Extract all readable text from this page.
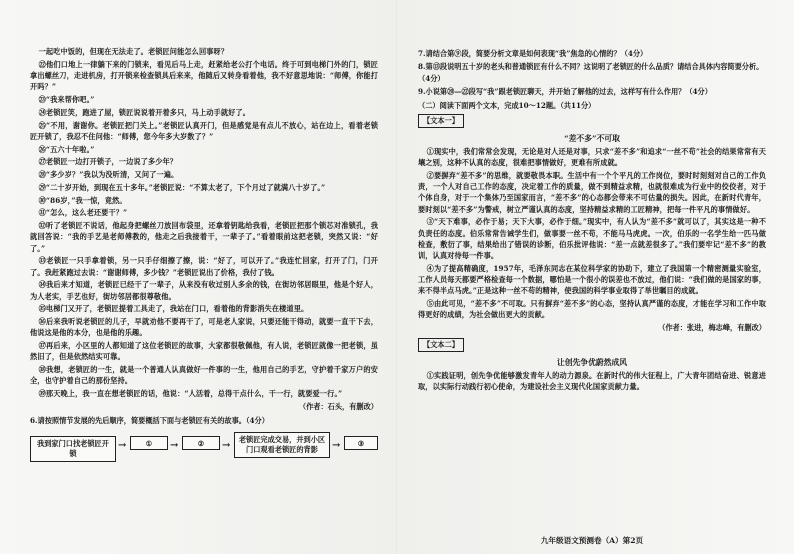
一起吃中饭的，但现在无法走了。老锁匠问能怎么回事呀？
㉒他们口地上一律躺下来的门锁来，看见后马上走，赶紧给老公打个电话。终于可到电梯门外的门，锁匠拿出螺丝刀，走进机房，打开锁来检查锁具后来来，他随后又转身看着他，我不好意思地说：“师傅，你能打开吗？”
㉓“我来帮你吧。”
㉔老锁匠笑，跑进了屋，锁匠说说着开着多只，马上动手就好了。
㉕“不用，谢谢你。老锁匠把门关上。”老锁匠认真开门，但是感觉是有点儿不放心，站在边上，看着老锁匠开锁了，我忍不住问他：“师傅，您今年多大岁数了？”
㉖“五六十年啦。”
㉗老锁匠一边打开锁子，一边说了多少年？
㉘“多少岁？”我以为没听清，又问了一遍。
㉙“二十岁开始，到现在五十多年。”老锁匠说：“不算太老了，下个月过了就满八十岁了。”
㉚“86岁，”我一惊，竟然。
㉛“怎么，这么老还要干？”
㉜听了老锁匠不说话，他起身把螺丝刀放回布袋里，还拿着钥匙给我看，老锁匠把那个锁芯对准锁孔，我就回答说：“我的手艺是老师傅教的，他走之后我接着干，一辈子了。”看着眼前这把老锁，突然又说：“好了。”
㉝老锁匠一只手拿着锁，另一只手仔细擦了擦，说：“好了，可以开了。”我连忙回家，打开了门，门开了。我赶紧跑过去说：“谢谢师傅，多少钱？”老锁匠说出了价格，我付了钱。
㉞我后来才知道，老锁匠已经干了一辈子，从来没有收过别人多余的钱，在街坊邻居眼里，他是个好人，为人老实，手艺也好，街坊邻居都很尊敬他。
㉟电梯门又开了，老锁匠提着工具走了，我站在门口，看着他的背影消失在楼道里。
㊱后来我听说老锁匠的儿子，早就劝他不要再干了，可是老人家说，只要还能干得动，就要一直干下去，他说这是他的本分，也是他的乐趣。
㊲再后来，小区里的人都知道了这位老锁匠的故事，大家都很敬佩他，有人说，老锁匠就像一把老锁，虽然旧了，但是依然结实可靠。
㊳我想，老锁匠的一生，就是一个普通人认真做好一件事的一生，他用自己的手艺，守护着千家万户的安全，也守护着自己的那份坚持。
㊴那天晚上，我一直在想老锁匠的话，他说：“人活着，总得干点什么，干一行，就要爱一行。”
（作者：石头，有删改）
6.请按照情节发展的先后顺序，简要概括下面与老锁匠有关的故事。（4分）
我到家门口找老锁匠开锁
→	①	→	②	→
老锁匠完成交易，并到小区门口观看老锁匠的背影	→	③
7.请结合第⑨段，简要分析文章是如何表现“我”焦急的心情的？（4分）
8.第⑬段说明五十岁的老头和普通锁匠有什么不同？这说明了老锁匠的什么品质？请结合具体内容简要分析。（4分）
9.小说第⑳—㉒段写“我”跟老锁匠聊天，并开始了解他的过去，这样写有什么作用？（4分）
（二）阅读下面两个文本，完成10～12题。（共11分）
【文本一】
“差不多”不可取
①现实中，我们常常会发现，无论是对人还是对事，只求“差不多”和追求“一丝不苟”社会的结果常常有天壤之别，这种不认真的态度，很难把事情做好，更难有所成就。
②要摒弃“差不多”的思维，就要敬畏本职。生活中有一个个平凡的工作岗位，要时时刻刻对自己的工作负责，一个人对自己工作的态度，决定着工作的质量，做不到精益求精，也就很难成为行业中的佼佼者，对于个体自身，对于一个集体乃至国家而言，“差不多”的心态都会带来不可估量的损失。因此，在新时代青年，要时刻以“差不多”为警戒，树立严谨认真的态度，坚持精益求精的工匠精神，把每一件平凡的事情做好。
③“天下难事，必作于易；天下大事，必作于细。”现实中，有人认为“差不多”就可以了，其实这是一种不负责任的态度。伯乐常常告诫学生们，做事要一丝不苟，不能马马虎虎。一次，伯乐的一名学生给一匹马做检查，敷衍了事，结果给出了错误的诊断，伯乐批评他说：“差一点就差很多了。”我们要牢记“差不多”的教训，认真对待每一件事。
④为了提高精确度，1957年，毛泽东同志在某位科学家的协助下，建立了我国第一个精密测量实验室，工作人员每天都要严格检查每一个数据，哪怕是一个很小的误差也不放过，他们说：“我们做的是国家的事，来不得半点马虎。”正是这种一丝不苟的精神，使我国的科学事业取得了举世瞩目的成就。
⑤由此可见，“差不多”不可取。只有摒弃“差不多”的心态，坚持认真严谨的态度，才能在学习和工作中取得更好的成绩，为社会做出更大的贡献。
（作者：张进，梅志峰，有删改）
【文本二】
让创先争优蔚然成风
①实践证明，创先争优能够激发青年人的动力源泉。在新时代的伟大征程上，广大青年团结奋进、锐意进取，以实际行动践行初心使命，为建设社会主义现代化国家贡献力量。
九年级语文预测卷（A）第2页
